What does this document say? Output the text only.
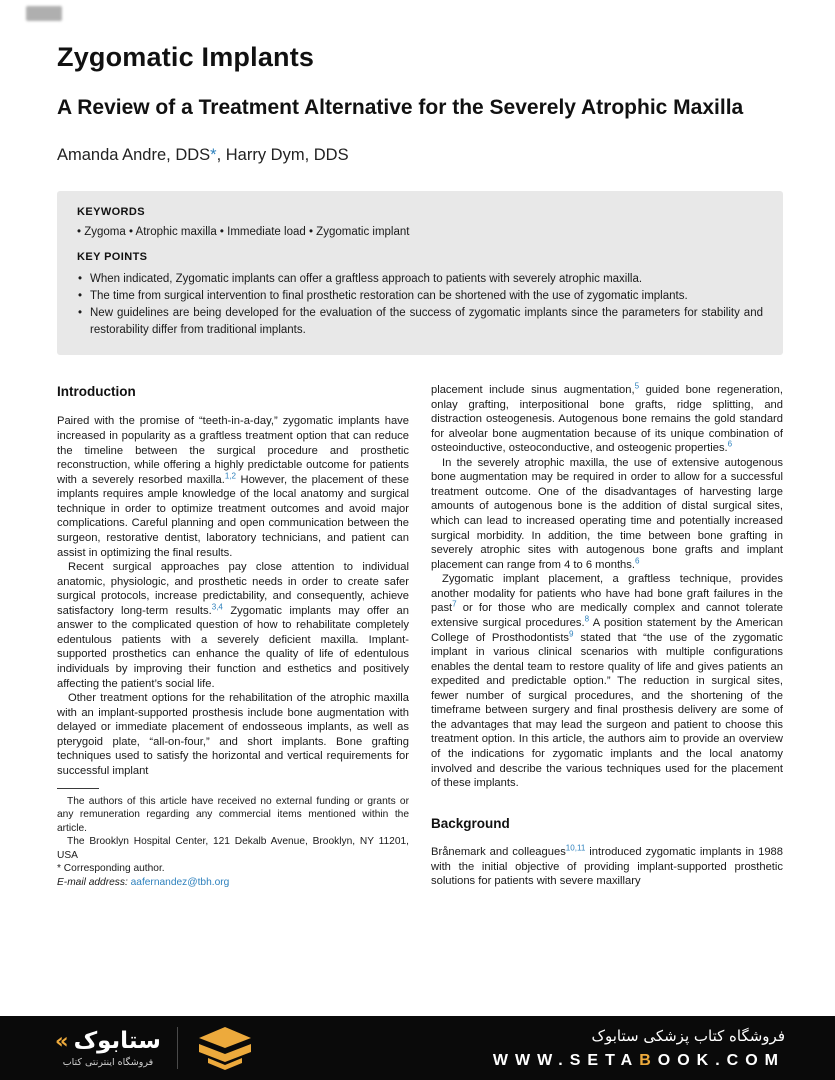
Zygomatic Implants
A Review of a Treatment Alternative for the Severely Atrophic Maxilla
Amanda Andre, DDS*, Harry Dym, DDS
KEYWORDS
• Zygoma • Atrophic maxilla • Immediate load • Zygomatic implant
KEY POINTS
• When indicated, Zygomatic implants can offer a graftless approach to patients with severely atrophic maxilla.
• The time from surgical intervention to final prosthetic restoration can be shortened with the use of zygomatic implants.
• New guidelines are being developed for the evaluation of the success of zygomatic implants since the parameters for stability and restorability differ from traditional implants.
Introduction

Paired with the promise of “teeth-in-a-day,” zygomatic implants have increased in popularity as a graftless treatment option that can reduce the timeline between the surgical procedure and prosthetic reconstruction, while offering a highly predictable outcome for patients with a severely resorbed maxilla.$^{1,2}$ However, the placement of these implants requires ample knowledge of the local anatomy and surgical technique in order to optimize treatment outcomes and avoid major complications. Careful planning and open communication between the surgeon, restorative dentist, laboratory technicians, and patient can assist in optimizing the final results.

Recent surgical approaches pay close attention to individual anatomic, physiologic, and prosthetic needs in order to create safer surgical protocols, increase predictability, and consequently, achieve satisfactory long-term results.$^{3,4}$ Zygomatic implants may offer an answer to the complicated question of how to rehabilitate completely edentulous patients with a severely deficient maxilla. Implant-supported prosthetics can enhance the quality of life of edentulous individuals by improving their function and esthetics and positively affecting the patient’s social life.

Other treatment options for the rehabilitation of the atrophic maxilla with an implant-supported prosthesis include bone augmentation with delayed or immediate placement of endosseous implants, as well as pterygoid plate, “all-on-four,” and short implants. Bone grafting techniques used to satisfy the horizontal and vertical requirements for successful implant

The authors of this article have received no external funding or grants or any remuneration regarding any commercial items mentioned within the article.

The Brooklyn Hospital Center, 121 Dekalb Avenue, Brooklyn, NY 11201, USA

* Corresponding author.

E-mail address: aafernandez@tbh.org

placement include sinus augmentation,$^5$ guided bone regeneration, onlay grafting, interpositional bone grafts, ridge splitting, and distraction osteogenesis. Autogenous bone remains the gold standard for alveolar bone augmentation because of its unique combination of osteoinductive, osteoconductive, and osteogenic properties.$^6$

In the severely atrophic maxilla, the use of extensive autogenous bone augmentation may be required in order to allow for a successful treatment outcome. One of the disadvantages of harvesting large amounts of autogenous bone is the addition of distal surgical sites, which can lead to increased operating time and potentially increased surgical morbidity. In addition, the time between bone grafting in severely atrophic sites with autogenous bone grafts and implant placement can range from 4 to 6 months.$^6$

Zygomatic implant placement, a graftless technique, provides another modality for patients who have had bone graft failures in the past$^7$ or for those who are medically complex and cannot tolerate extensive surgical procedures.$^8$ A position statement by the American College of Prosthodontists$^9$ stated that “the use of the zygomatic implant in various clinical scenarios with multiple configurations enables the dental team to restore quality of life and gives patients an expedited and predictable option.” The reduction in surgical sites, fewer number of surgical procedures, and the shortening of the timeframe between surgery and final prosthesis delivery are some of the advantages that may lead the surgeon and patient to choose this treatment option. In this article, the authors aim to provide an overview of the indications for zygomatic implants and the local anatomy involved and describe the various techniques used for the placement of these implants.

Background

Brånemark and colleagues$^{10,11}$ introduced zygomatic implants in 1988 with the initial objective of providing implant-supported prosthetic solutions for patients with severe maxillary

« ستابوک
فروشگاه اینترنتی کتاب
فروشگاه کتاب پزشکی ستابوک
WWW.SETABOOK.COM
